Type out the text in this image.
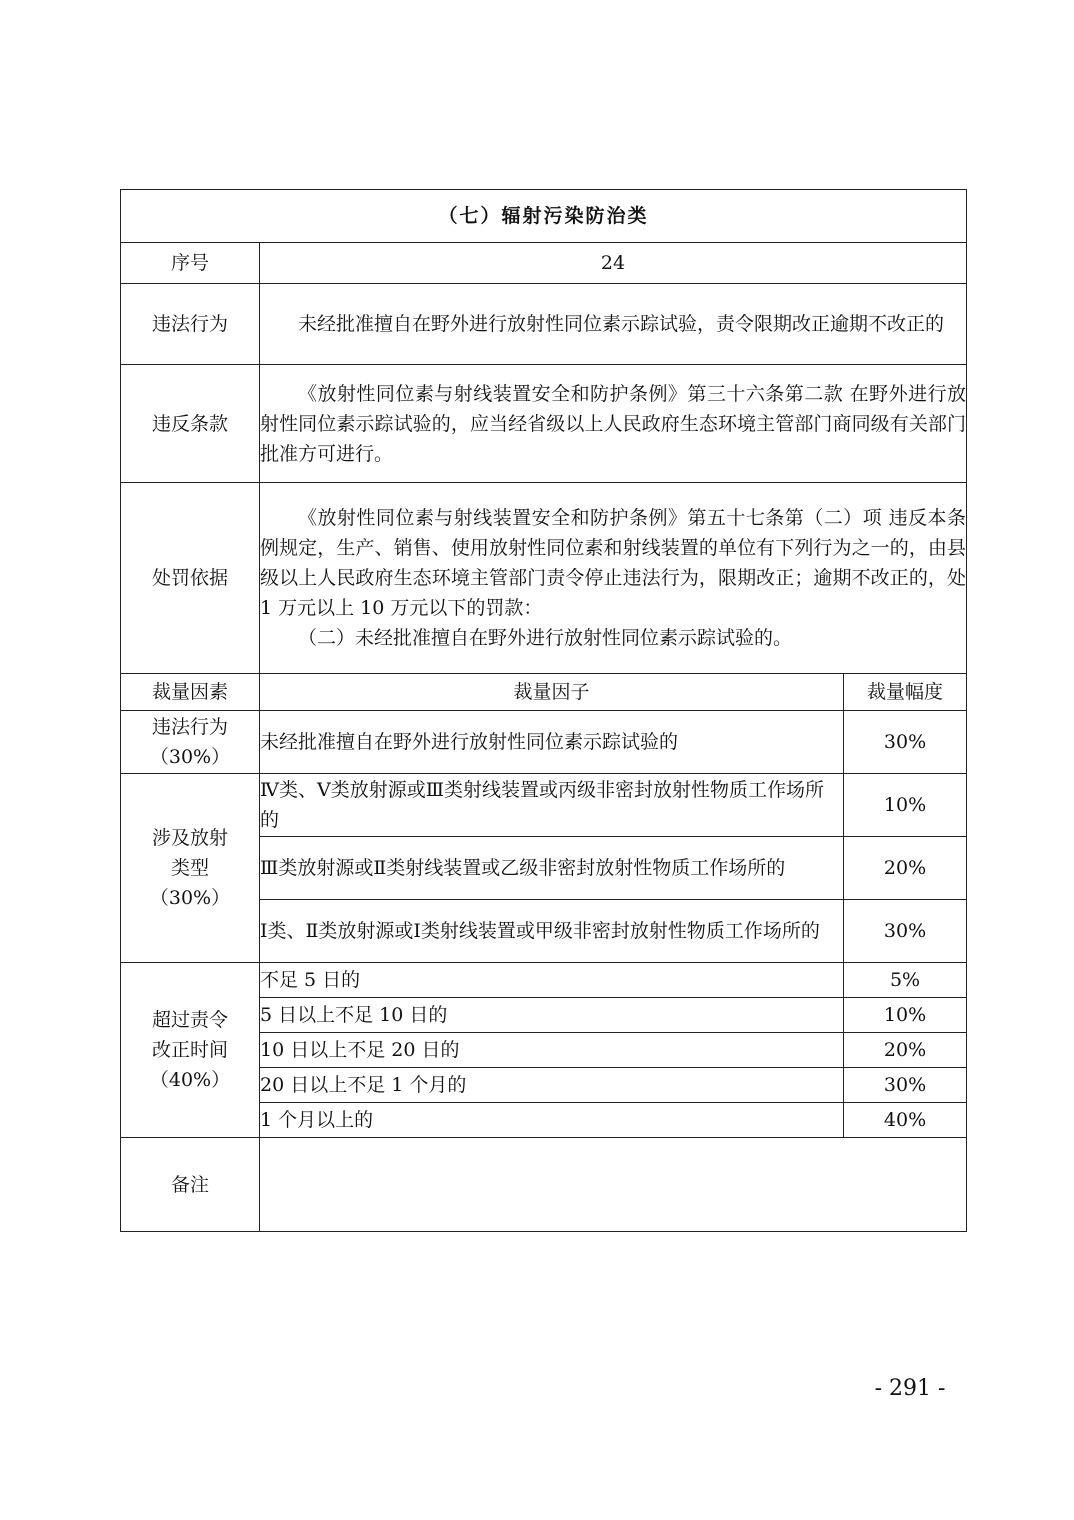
（七）辐射污染防治类		
序号	24	
违法行为	未经批准擅自在野外进行放射性同位素示踪试验，责令限期改正逾期不改正的	

违反条款	《放射性同位素与射线装置安全和防护条例》第三十六条第二款 在野外进行放射性同位素示踪试验的，应当经省级以上人民政府生态环境主管部门商同级有关部门批准方可进行。	

处罚依据	《放射性同位素与射线装置安全和防护条例》第五十七条第（二）项 违反本条例规定，生产、销售、使用放射性同位素和射线装置的单位有下列行为之一的，由县级以上人民政府生态环境主管部门责令停止违法行为，限期改正；逾期不改正的，处 1 万元以上 10 万元以下的罚款：
（二）未经批准擅自在野外进行放射性同位素示踪试验的。	

裁量因素	裁量因子	裁量幅度

违法行为
（30%）	未经批准擅自在野外进行放射性同位素示踪试验的	30%

涉及放射
类型
（30%）	Ⅳ类、Ⅴ类放射源或Ⅲ类射线装置或丙级非密封放射性物质工作场所的	10%
	Ⅲ类放射源或Ⅱ类射线装置或乙级非密封放射性物质工作场所的	20%
	Ⅰ类、Ⅱ类放射源或Ⅰ类射线装置或甲级非密封放射性物质工作场所的	30%

超过责令
改正时间
（40%）	不足 5 日的	5%
	5 日以上不足 10 日的	10%
	10 日以上不足 20 日的	20%
	20 日以上不足 1 个月的	30%
	1 个月以上的	40%
备注		
- 291 -
